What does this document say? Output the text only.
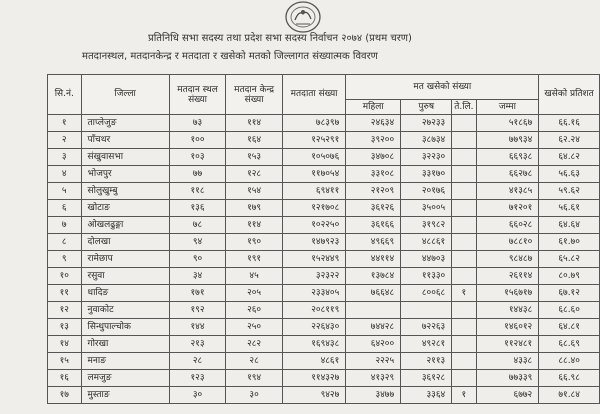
प्रतिनिधि सभा सदस्य तथा प्रदेश सभा सदस्य निर्वाचन २०७४ (प्रथम चरण)
मतदानस्थल, मतदानकेन्द्र र मतदाता र खसेको मतको जिल्लागत संख्यात्मक विवरण
सि.नं.	जिल्ला	मतदान स्थल संख्या	मतदान केन्द्र संख्या	मतदाता संख्या	मत खसेको संख्या				खसेको प्रतिशत
					महिला	पुरुष	ते.लि.	जम्मा	
१	ताप्लेजुङ	७३	११४	७८३९७	२४६३४	२७२३३		५१८६७	६६.१६
२	पाँचथर	१००	१६४	१२५२९१	३९२००	३८७३४		७७९३४	६२.२४
३	संखुवासभा	१०३	१५३	१०५०७६	३४७०८	३२२३०		६६९३८	६४.८२
४	भोजपुर	७७	१२८	११७०५४	३३१०८	३३१७०		६६२७८	५६.६३
५	सोलुखुम्बु	११८	१५४	६९४११	२१२०९	२०१७६		४१३८५	५९.६२
६	खोटाङ	१३६	१७९	१२१७०८	३६१२६	३५००५		७१२०१	५६.६१
७	ओखलढुङ्गा	७८	११४	१०२२५०	३६१६६	३१९८२		६६०२८	६४.६४
८	दोलखा	९४	१९०	१४७९२३	४९६६९	४८८६१		७८८१०	६१.७०
९	रामेछाप	९०	१९१	१५२४४९	४४११४	४४७०३		९८४८७	६५.८२
१०	रसुवा	३४	४५	३२३२२	१३७८४	११३३०		२६११४	८०.७९
११	धादिङ	१७१	२०५	२३३४०५	७६६४८	८००६८	१	१५६७१७	६७.१२
१२	नुवाकोट	१९२	२६०	२०८११९				१४४३८	६८.६०
१३	सिन्धुपाल्चोक	१४४	२५०	२२६४३०	७४४२८	७२२६३		१४६०१२	६४.८१
१४	गोरखा	२१३	२८२	१६९४३८	६४२००	४९२८१		११२४८१	६८.६९
१५	मनाङ	२८	२८	४८६१	२२२५	२११३		४३३८	८८.४०
१६	लमजुङ	१२३	१९४	११४३२७	४१३२९	३६१२८		७७३३९	६६.९८
१७	मुस्ताङ	३०	३०	९४२७	३४७७	३३६४	१	६७७२	७१.८४
